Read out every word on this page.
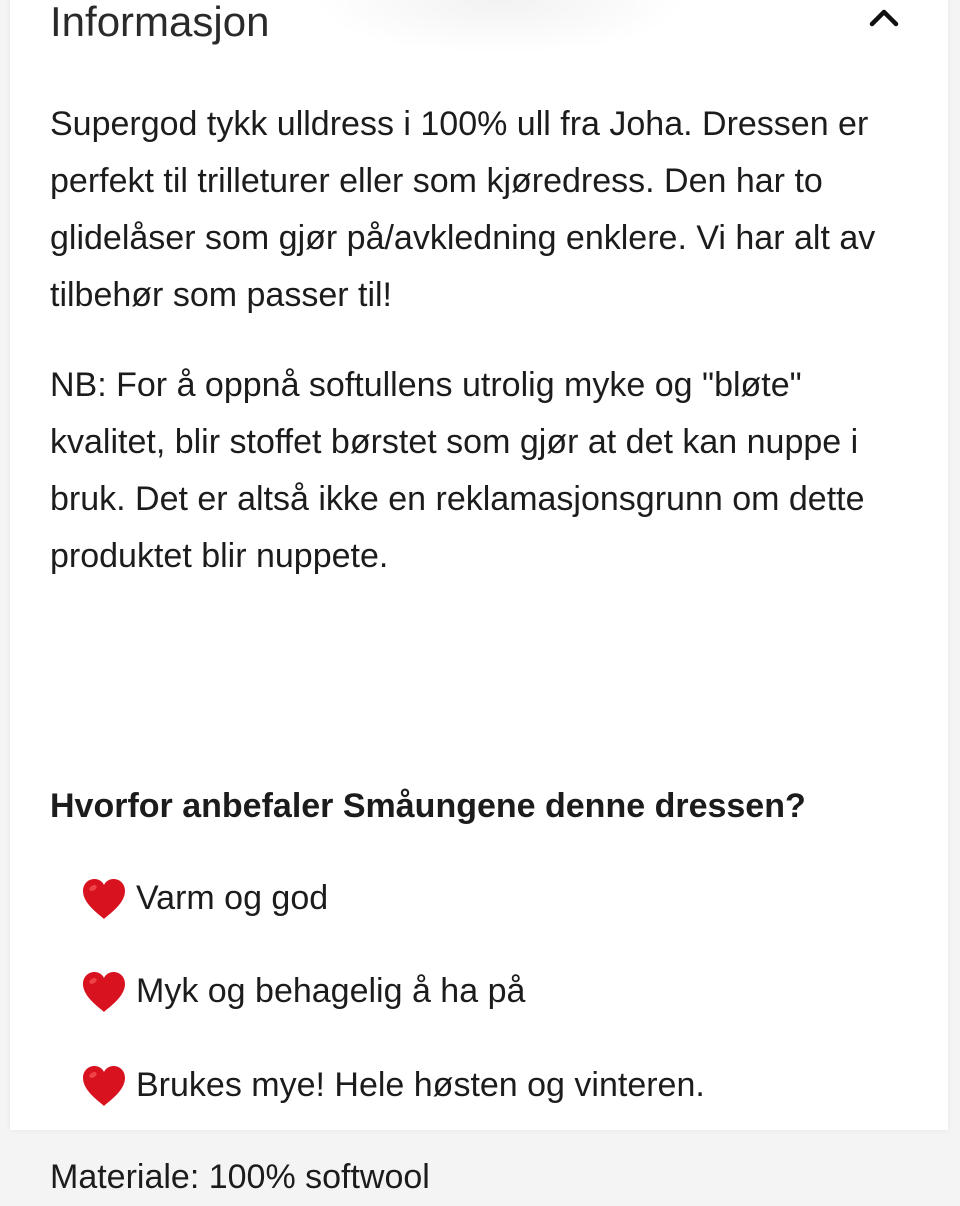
Informasjon

Supergod tykk ulldress i 100% ull fra Joha. Dressen er perfekt til trilleturer eller som kjøredress. Den har to glidelåser som gjør på/avkledning enklere. Vi har alt av tilbehør som passer til!

NB: For å oppnå softullens utrolig myke og "bløte" kvalitet, blir stoffet børstet som gjør at det kan nuppe i bruk. Det er altså ikke en reklamasjonsgrunn om dette produktet blir nuppete.

Hvorfor anbefaler Småungene denne dressen?

Varm og god
Myk og behagelig å ha på
Brukes mye! Hele høsten og vinteren.

Materiale: 100% softwool
